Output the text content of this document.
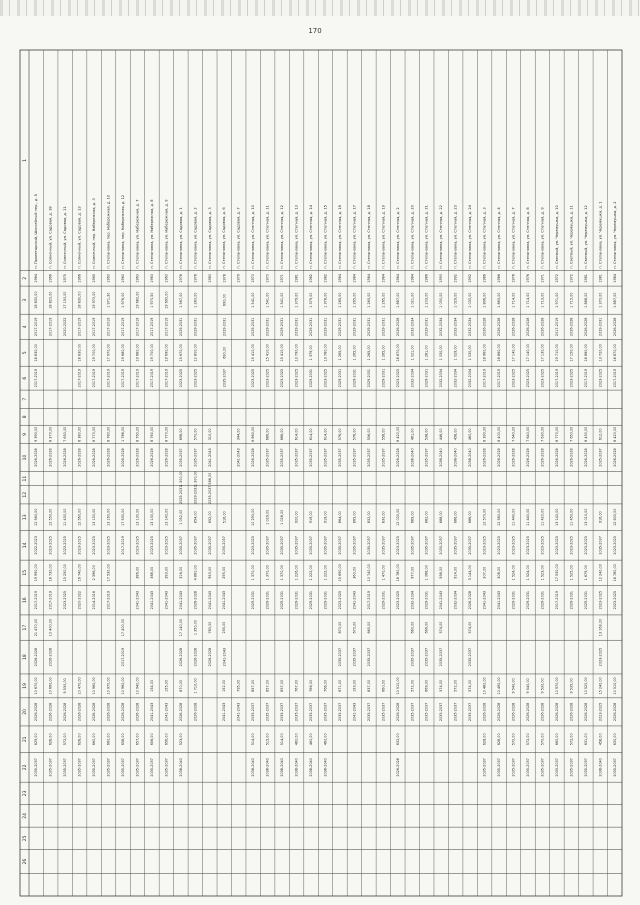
170
1
2
3
4
5
6
7
8
9
10
11
12
13
14
15
16
17
18
19
20
21
22
23
24
25
26
п. Пролетарский, Шоссейный пер., д. 5
1964
18 830,00
2017-2019
18 830,00
2017-2019
9 390,00
2026-2028
12 560,00
2022-2023
19 990,00
2017-2019
21 470,00
2026-2028
10 670,00
2026-2028
629,00
2035-2037
п. Солнечный, ул. Садовая, д. 18
1966
18 820,00
2017-2019
8 370,00
2026-2028
12 550,00
2023-2025
18 730,00
2017-2019
10 400,00
2026-2028
10 660,00
2026-2028
628,00
2035-2037
п. Солнечный, ул. Садовая, д. 11
1975
17 150,00
2020-2022
7 630,00
2026-2028
11 430,00
2023-2025
15 250,00
2023-2025
9 530,00
2026-2028
572,00
2035-2037
п. Солнечный, ул. Садовая, д. 13
1966
18 830,00
2017-2019
18 830,00
2017-2019
8 380,00
2026-2028
12 560,00
2023-2025
16 740,00
2020-2022
10 470,00
2026-2028
628,00
2035-2037
п. Солнечный, пер. Набережная, д. 3
1965
19 970,00
2017-2019
19 700,00
2017-2019
8 770,00
2026-2028
13 150,00
2023-2025
2 396,00
2014-2016
10 960,00
2026-2028
660,00
2035-2037
п. Степановка, пер. Набережная, д. 10
1960
1 971,30
2017-2019
17 970,00
2017-2019
8 780,00
2026-2028
13 160,00
2023-2025
17 530,00
2017-2019
10 970,00
2026-2028
660,00
2035-2037
п. Степановка, пер. Набережная, д. 12
1960
1 976,00
2017-2019
19 680,00
2017-2019
1 786,00
2026-2028
17 530,00
2017-2019
17 400,00
2017-2019
10 960,00
2026-2028
658,00
2035-2037
п. Степановка, ул. Набережная, д. 7
1960
19 680,00
2017-2019
19 680,00
2017-2019
8 760,00
2026-2028
13 130,00
2023-2025
386,00
2041-2043
10 940,00
2026-2028
657,00
2035-2037
п. Степановка, ул. Набережная, д. 8
1960
1 970,50
2017-2019
19 700,00
2017-2019
8 760,00
2026-2028
13 130,00
2023-2025
388,00
2041-2043
154,00
2041-2043
656,00
2035-2037
п. Степановка, ул. Набережная, д. 9
1960
19 690,00
2017-2019
19 690,00
2017-2019
8 770,00
2026-2028
13 140,00
2023-2025
393,00
2041-2043
155,00
2041-2043
656,00
2035-2037
п. Степановка, ул. Садовая, д. 1
1978
1 567,00
2029-2031
15 670,00
2023-2025
698,00
2035-2037
1 300,00
2029-2031
1 052,00
2035-2037
316,00
2041-2043
17 140,00
2026-2028
870,00
2026-2028
523,00
2038-2040
п. Степановка, ул. Садовая, д. 2
1978
1 280,00
2029-2031
12 800,00
2023-2025
570,00
2035-2037
1 300,00
2029-2031
854,00
2035-2037
4 860,00
2026-2028
1 350,00
2026-2028
1 710,00
2026-2028
п. Степановка, ул. Садовая, д. 3
1980
310,00
2041-2043
586,00
2035-2037
652,00
2035-2037
953,00
2041-2043
780,00
2026-2028
п. Степановка, ул. Садовая, д. 6
1978
690,00
2029-2031
690,00
2035-2037
516,00
2035-2037
295,00
2041-2043
255,00
2041-2043
152,00
2041-2043
п. Степановка, ул. Садовая, д. 7
1979
344,00
2041-2043
795,00
2041-2043
п. Степановка, ул. Степная, д. 10
1970
1 541,00
2029-2031
15 410,00
2023-2025
6 860,00
2026-2028
10 290,00
2023-2025
1 370,00
2029-2031
857,00
2035-2037
514,00
2038-2040
п. Степановка, ул. Степная, д. 11
1970
1 541,00
2029-2031
15 410,00
2023-2025
686,00
2035-2037
1 029,00
2035-2037
1 370,00
2029-2031
857,00
2035-2037
515,00
2038-2040
п. Степановка, ул. Степная, д. 12
1971
1 541,00
2029-2031
15 410,00
2023-2025
686,00
2035-2037
1 028,00
2035-2037
1 370,00
2029-2031
857,00
2035-2037
514,00
2038-2040
п. Степановка, ул. Степная, д. 13
1981
1 379,00
2029-2031
13 790,00
2023-2025
614,00
2035-2037
920,00
2035-2037
1 226,00
2029-2031
767,00
2035-2037
460,00
2038-2040
п. Степановка, ул. Степная, д. 14
1982
1 379,00
2029-2031
1 379,00
2029-2031
614,00
2035-2037
919,00
2035-2037
1 222,00
2029-2031
766,00
2035-2037
460,00
2038-2040
п. Степановка, ул. Степная, д. 15
1982
1 378,00
2029-2031
13 780,00
2023-2025
614,00
2035-2037
919,00
2035-2037
1 222,00
2029-2031
766,00
2035-2037
460,00
2038-2040
п. Степановка, ул. Степная, д. 16
1984
1 265,00
2029-2031
1 265,00
2029-2031
576,00
2035-2037
864,00
2035-2037
15 690,00
2023-2025
870,00
2035-2037
671,00
2035-2037
п. Степановка, ул. Степная, д. 17
1984
1 265,00
2029-2031
1 265,00
2029-2031
576,00
2035-2037
865,00
2035-2037
360,00
2041-2043
670,00
2035-2037
193,00
2041-2043
п. Степановка, ул. Степная, д. 18
1984
1 265,00
2029-2031
1 265,00
2029-2031
556,00
2035-2037
832,00
2035-2037
10 740,00
2017-2019
660,00
2035-2037
837,00
2035-2037
п. Степановка, ул. Степная, д. 19
1984
1 265,00
2029-2031
1 265,00
2029-2031
556,00
2035-2037
830,00
2035-2037
1 470,00
2029-2031
660,00
2035-2037
п. Степановка, ул. Степная, д. 2
1964
1 887,00
2026-2028
18 870,00
2023-2025
8 420,00
2026-2028
12 000,00
2023-2025
16 780,00
2023-2025
10 510,00
2026-2028
632,00
2026-2028
п. Степановка, ул. Степная, д. 20
1984
1 021,00
2032-2034
1 021,00
2032-2034
461,00
2038-2040
689,00
2035-2037
977,00
2032-2034
660,00
2035-2037
572,00
2035-2037
п. Степановка, ул. Степная, д. 21
1986
1 203,00
2029-2031
1 281,00
2029-2031
538,00
2035-2037
882,00
2035-2037
1 068,00
2029-2031
669,00
2035-2037
669,00
2035-2037
п. Степановка, ул. Степная, д. 22
1990
1 030,00
2032-2034
1 030,00
2032-2034
446,00
2038-2040
688,00
2035-2037
598,00
2041-2043
574,00
2035-2037
574,00
2035-2037
п. Степановка, ул. Степная, д. 23
1992
1 029,00
2032-2034
1 029,00
2032-2034
458,00
2038-2040
686,00
2035-2037
914,00
2032-2034
572,00
2035-2037
п. Степановка, ул. Степная, д. 24
1992
1 030,00
2032-2034
1 030,00
2032-2034
460,00
2038-2040
686,00
2035-2037
3 144,00
2026-2028
574,00
2035-2037
574,00
2035-2037
п. Степановка, ул. Степная, д. 3
1986
1 896,00
2026-2028
18 960,00
2017-2019
8 390,00
2026-2028
12 570,00
2023-2025
307,00
2041-2043
10 480,00
2026-2028
628,00
2035-2037
п. Степановка, ул. Степная, д. 4
1986
1 863,00
2026-2028
18 860,00
2017-2019
8 400,00
2026-2028
12 580,00
2023-2025
308,00
2041-2043
10 490,00
2026-2028
628,00
2035-2037
п. Степановка, ул. Степная, д. 7
1976
1 714,00
2026-2028
17 140,00
2023-2025
7 640,00
2026-2028
11 440,00
2023-2025
1 524,00
2029-2031
9 540,00
2026-2028
572,00
2035-2037
п. Степановка, ул. Степная, д. 8
1976
1 714,00
2026-2028
17 140,00
2023-2025
7 640,00
2026-2028
11 440,00
2023-2025
1 524,00
2029-2031
9 540,00
2026-2028
572,00
2035-2037
п. Степановка, ул. Степная, д. 9
1971
1 713,00
2026-2028
17 130,00
2023-2025
7 630,00
2026-2028
11 420,00
2023-2025
1 523,00
2029-2031
9 530,00
2026-2028
570,00
2035-2037
п. Светлый, ул. Черемушки, д. 10
1972
1 971,00
2017-2019
19 710,00
2017-2019
8 770,00
2026-2028
13 140,00
2023-2025
17 530,00
2017-2019
10 970,00
2026-2028
660,00
2035-2037
п. Светлый, ул. Черемушки, д. 11
1972
1 715,00
2026-2028
17 150,00
2023-2025
7 650,00
2026-2028
11 450,00
2023-2025
1 525,00
2029-2031
9 535,00
2026-2028
572,00
2035-2037
п. Светлый, ул. Черемушки, д. 12
1981
1 888,00
2026-2028
18 880,00
2017-2019
8 430,00
2026-2028
13 010,00
2023-2025
1 679,00
2029-2031
10 520,00
2026-2028
631,00
2035-2037
п. Степановка, ул. Черемушки, д. 1
1981
1 370,00
2029-2031
13 720,00
2023-2025
612,00
2035-2037
916,00
2035-2037
12 240,00
2023-2025
13 163,00
2023-2025
15 240,00
2023-2025
458,00
2038-2040
п. Степановка, ул. Черемушки, д. 2
1984
1 887,00
2026-2028
18 870,00
2017-2019
8 420,00
2026-2028
12 600,00
2023-2025
16 780,00
2023-2025
10 510,00
2026-2028
630,00
2035-2037
